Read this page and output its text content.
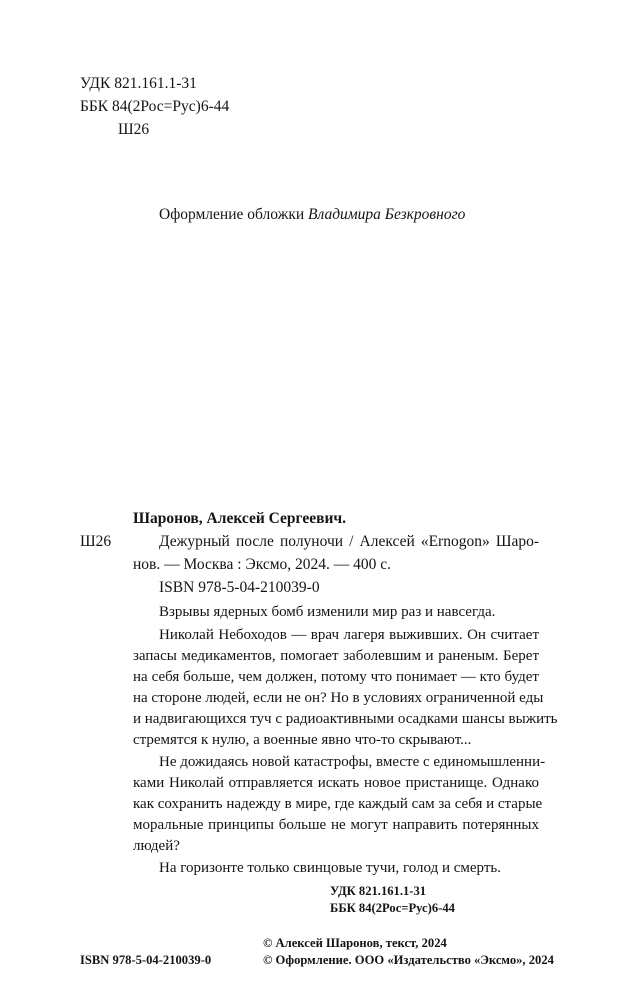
УДК 821.161.1-31
ББК 84(2Рос=Рус)6-44
Ш26
Оформление обложки Владимира Безкровного
Шаронов, Алексей Сергеевич.
Ш26	Дежурный после полуночи / Алексей «Ernogon» Шаро-
нов. — Москва : Эксмо, 2024. — 400 с.
ISBN 978-5-04-210039-0
Взрывы ядерных бомб изменили мир раз и навсегда.
Николай Небоходов — врач лагеря выживших. Он считает
запасы медикаментов, помогает заболевшим и раненым. Берет
на себя больше, чем должен, потому что понимает — кто будет
на стороне людей, если не он? Но в условиях ограниченной еды
и надвигающихся туч с радиоактивными осадками шансы выжить
стремятся к нулю, а военные явно что-то скрывают...
Не дожидаясь новой катастрофы, вместе с единомышленни-
ками Николай отправляется искать новое пристанище. Однако
как сохранить надежду в мире, где каждый сам за себя и старые
моральные принципы больше не могут направить потерянных
людей?
На горизонте только свинцовые тучи, голод и смерть.
УДК 821.161.1-31
ББК 84(2Рос=Рус)6-44
© Алексей Шаронов, текст, 2024
ISBN 978-5-04-210039-0	© Оформление. ООО «Издательство «Эксмо», 2024
